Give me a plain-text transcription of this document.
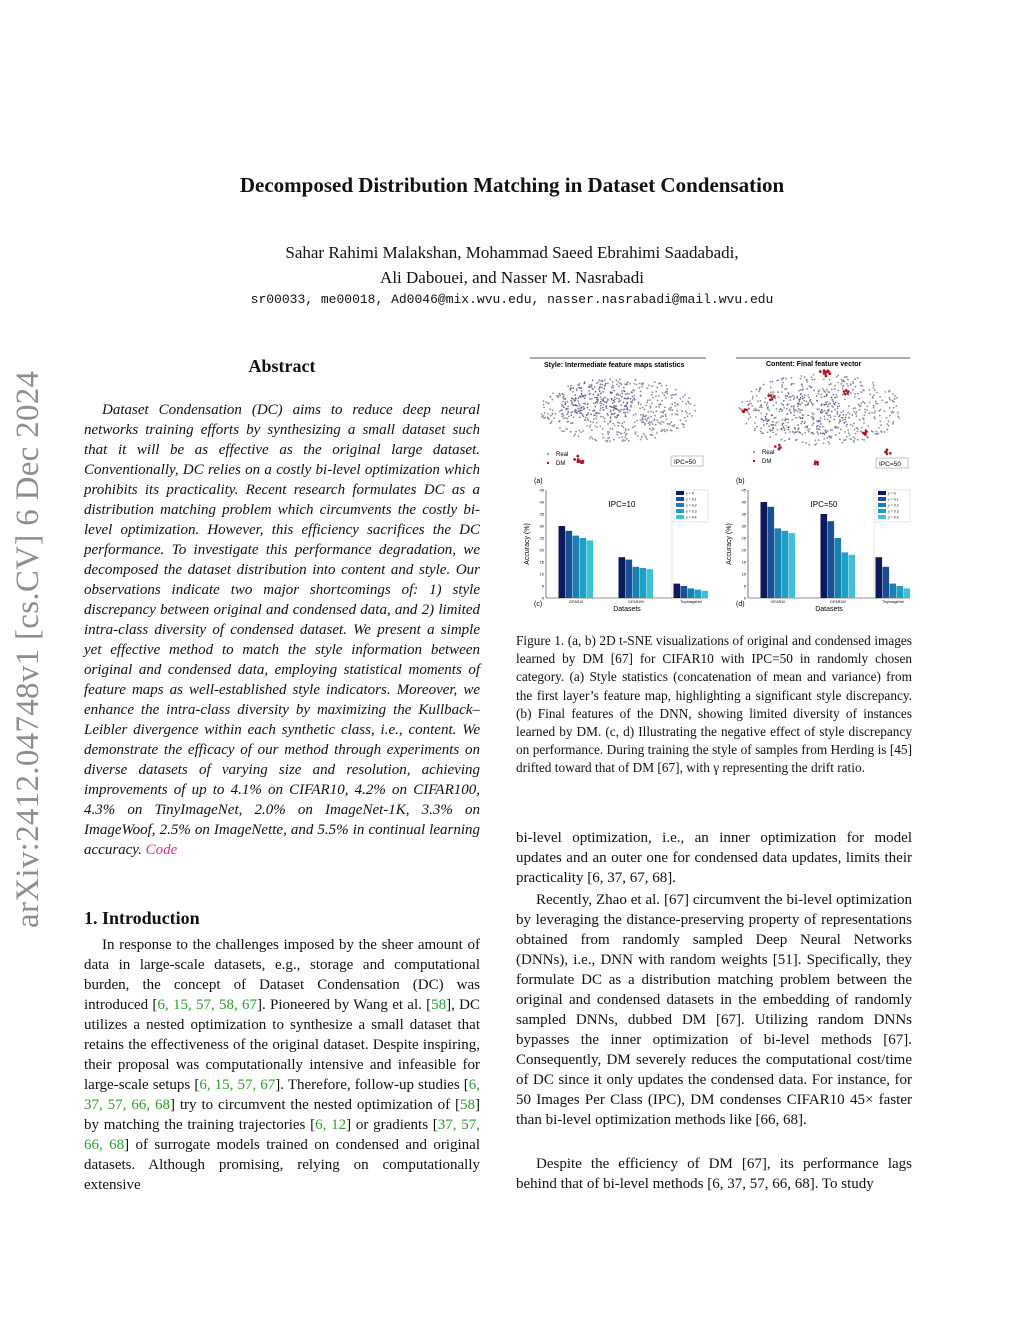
arXiv:2412.04748v1 [cs.CV] 6 Dec 2024
Decomposed Distribution Matching in Dataset Condensation
Sahar Rahimi Malakshan, Mohammad Saeed Ebrahimi Saadabadi,
Ali Dabouei, and Nasser M. Nasrabadi
sr00033, me00018, Ad0046@mix.wvu.edu, nasser.nasrabadi@mail.wvu.edu
Abstract
Dataset Condensation (DC) aims to reduce deep neural networks training efforts by synthesizing a small dataset such that it will be as effective as the original large dataset. Conventionally, DC relies on a costly bi-level optimization which prohibits its practicality. Recent research formulates DC as a distribution matching problem which circumvents the costly bi-level optimization. However, this efficiency sacrifices the DC performance. To investigate this performance degradation, we decomposed the dataset distribution into content and style. Our observations indicate two major shortcomings of: 1) style discrepancy between original and condensed data, and 2) limited intra-class diversity of condensed dataset. We present a simple yet effective method to match the style information between original and condensed data, employing statistical moments of feature maps as well-established style indicators. Moreover, we enhance the intra-class diversity by maximizing the Kullback–Leibler divergence within each synthetic class, i.e., content. We demonstrate the efficacy of our method through experiments on diverse datasets of varying size and resolution, achieving improvements of up to 4.1% on CIFAR10, 4.2% on CIFAR100, 4.3% on TinyImageNet, 2.0% on ImageNet-1K, 3.3% on ImageWoof, 2.5% on ImageNette, and 5.5% in continual learning accuracy. Code
1. Introduction
In response to the challenges imposed by the sheer amount of data in large-scale datasets, e.g., storage and computational burden, the concept of Dataset Condensation (DC) was introduced [6, 15, 57, 58, 67]. Pioneered by Wang et al. [58], DC utilizes a nested optimization to synthesize a small dataset that retains the effectiveness of the original dataset. Despite inspiring, their proposal was computationally intensive and infeasible for large-scale setups [6, 15, 57, 67]. Therefore, follow-up studies [6, 37, 57, 66, 68] try to circumvent the nested optimization of [58] by matching the training trajectories [6, 12] or gradients [37, 57, 66, 68] of surrogate models trained on condensed and original datasets. Although promising, relying on computationally extensive
Style: Intermediate feature maps statistics
Real
DM	IPC=50
(a)
Content: Final feature vector
Real
DM	IPC=50
(b)
0
5
10
15
20
25
30
35
40
45
Accuracy (%)
Datasets
IPC=10
CIFAR10	CIFAR100	TinyImageNet
γ = 0
γ = 0.1
γ = 0.2
γ = 0.3
γ = 0.4
0
5
10
15
20
25
30
35
40
45
Accuracy (%)
Datasets
IPC=50
CIFAR10	CIFAR100	TinyImageNet
γ = 0
γ = 0.1
γ = 0.2
γ = 0.3
γ = 0.4
(c)	(d)
Figure 1. (a, b) 2D t-SNE visualizations of original and condensed images learned by DM [67] for CIFAR10 with IPC=50 in randomly chosen category. (a) Style statistics (concatenation of mean and variance) from the first layer’s feature map, highlighting a significant style discrepancy. (b) Final features of the DNN, showing limited diversity of instances learned by DM. (c, d) Illustrating the negative effect of style discrepancy on performance. During training the style of samples from Herding is [45] drifted toward that of DM [67], with γ representing the drift ratio.
bi-level optimization, i.e., an inner optimization for model updates and an outer one for condensed data updates, limits their practicality [6, 37, 67, 68].
Recently, Zhao et al. [67] circumvent the bi-level optimization by leveraging the distance-preserving property of representations obtained from randomly sampled Deep Neural Networks (DNNs), i.e., DNN with random weights [51]. Specifically, they formulate DC as a distribution matching problem between the original and condensed datasets in the embedding of randomly sampled DNNs, dubbed DM [67]. Utilizing random DNNs bypasses the inner optimization of bi-level methods [67]. Consequently, DM severely reduces the computational cost/time of DC since it only updates the condensed data. For instance, for 50 Images Per Class (IPC), DM condenses CIFAR10 45× faster than bi-level optimization methods like [66, 68].
Despite the efficiency of DM [67], its performance lags behind that of bi-level methods [6, 37, 57, 66, 68]. To study
